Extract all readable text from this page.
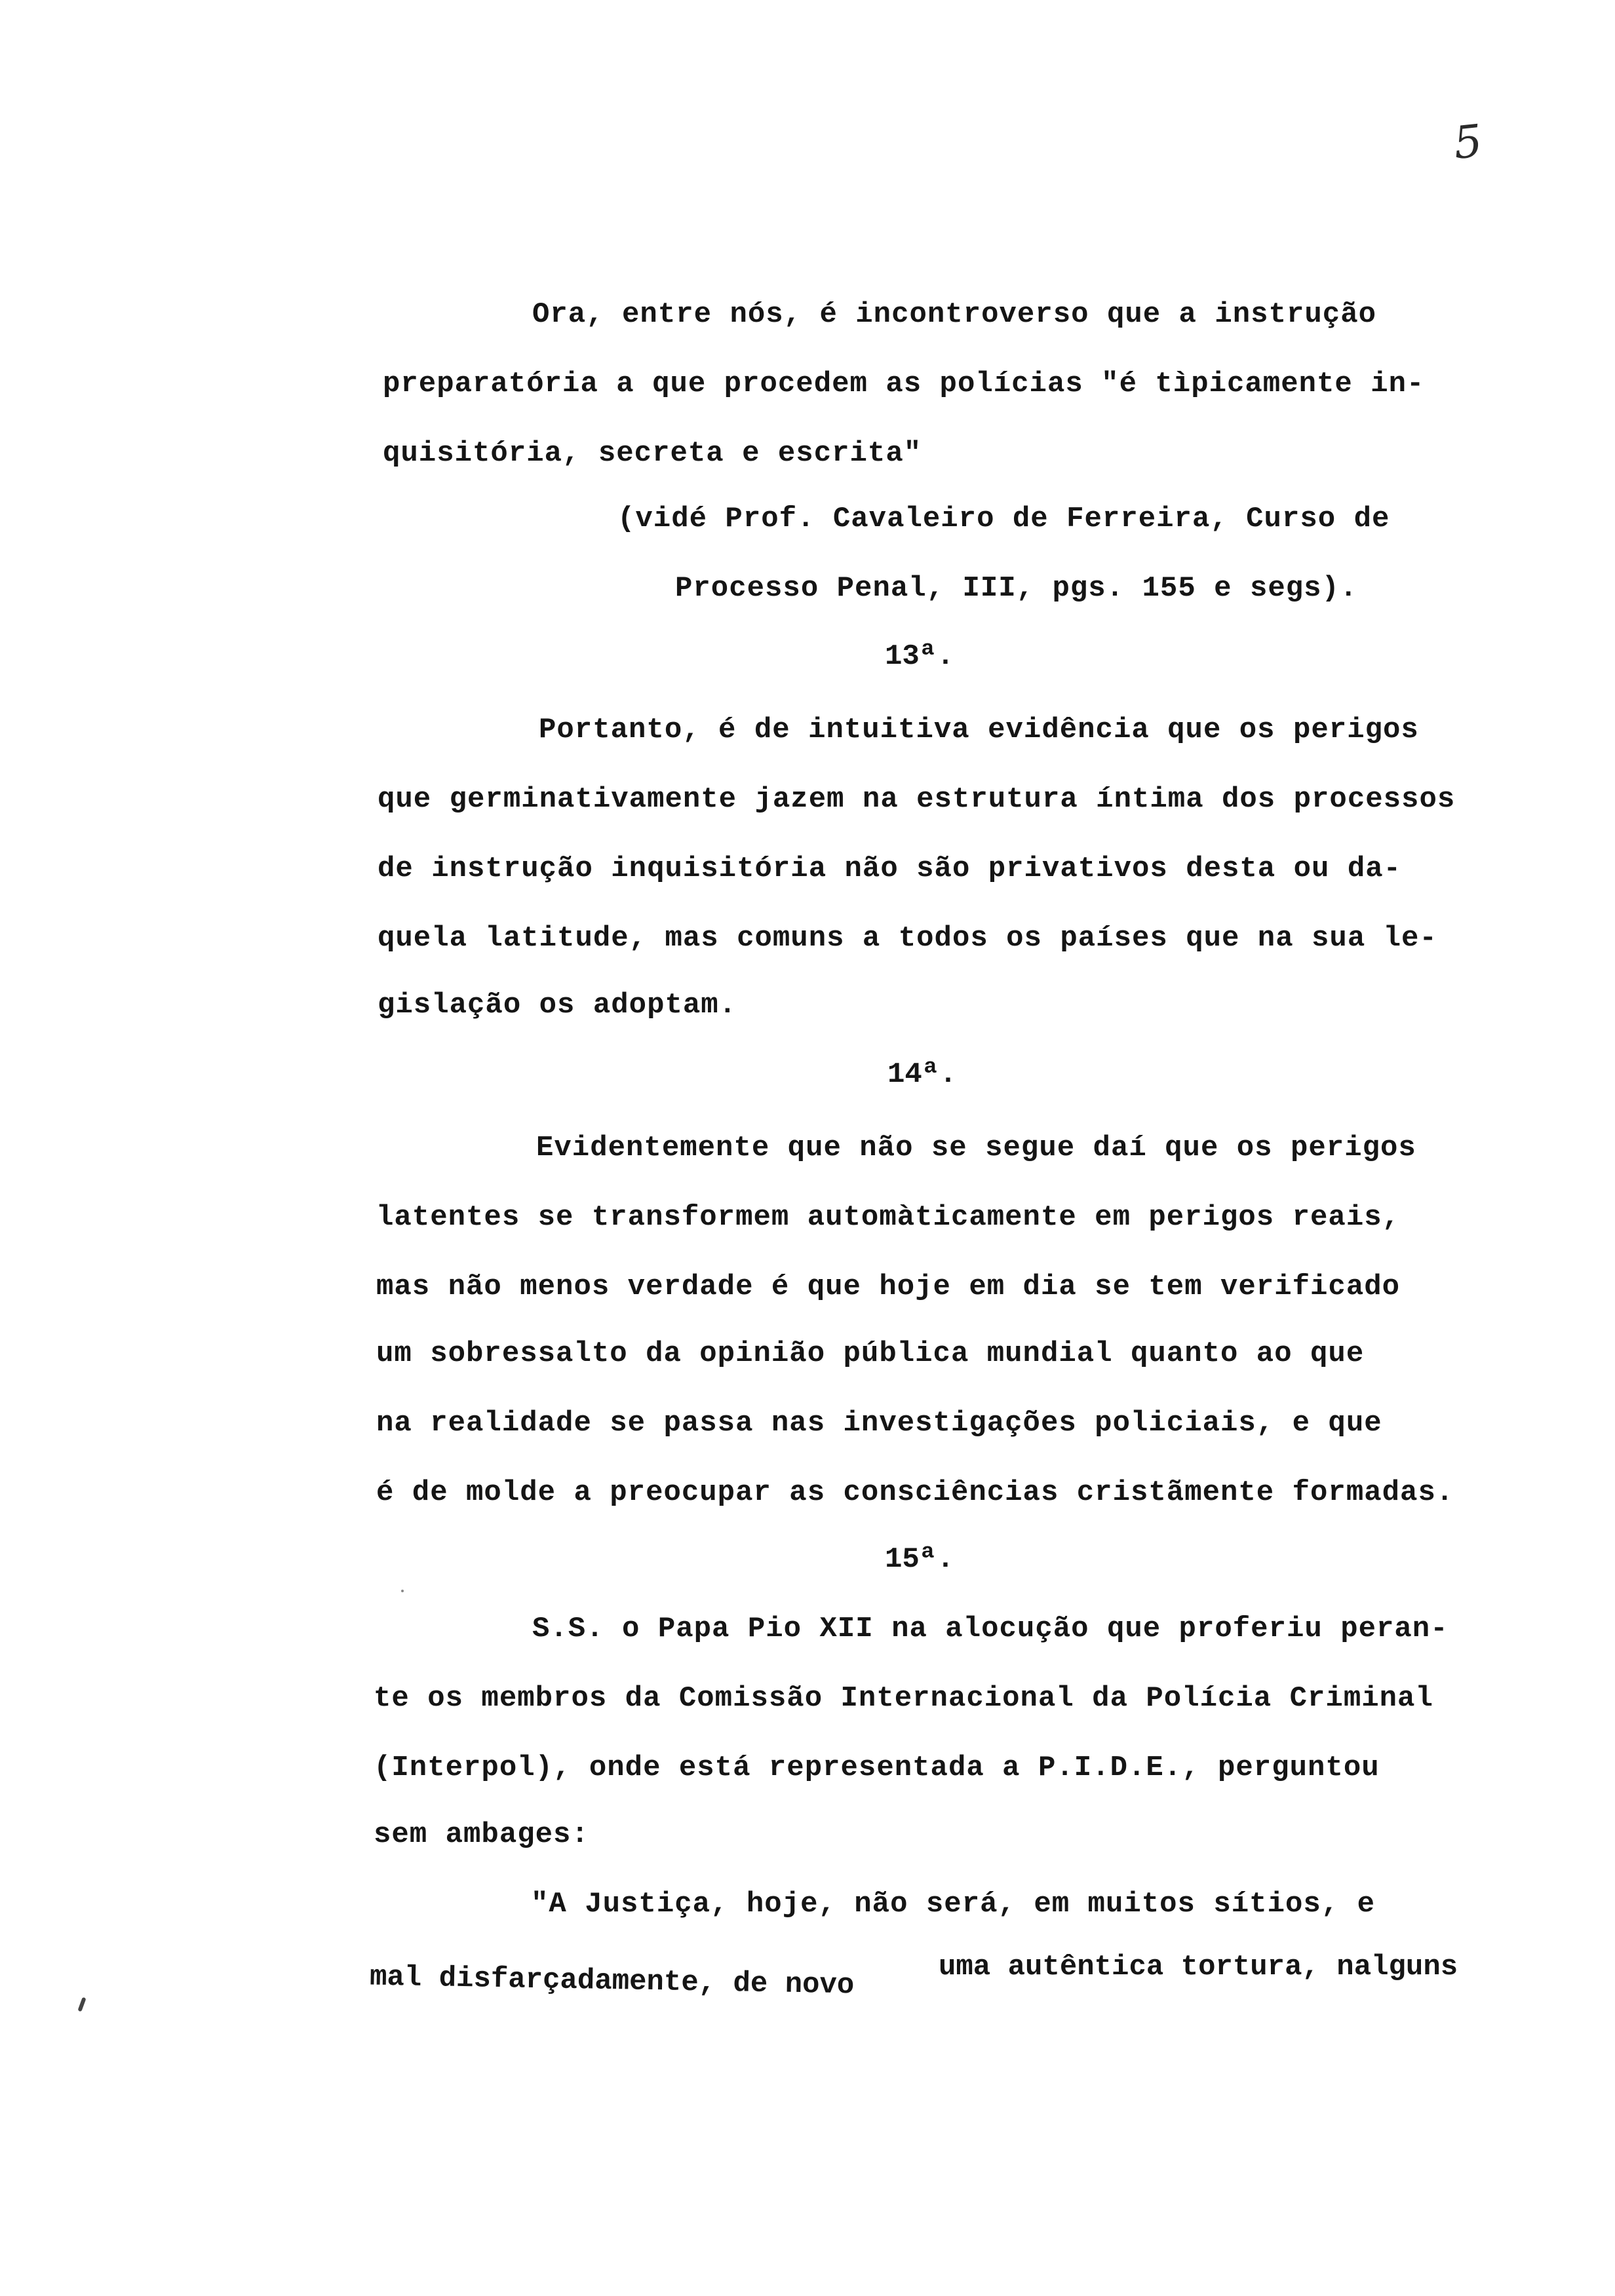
5
Ora, entre nós, é incontroverso que a instrução
preparatória a que procedem as polícias "é tìpicamente in-
quisitória, secreta e escrita"
(vidé Prof. Cavaleiro de Ferreira, Curso de
Processo Penal, III, pgs. 155 e segs).
13ª.
Portanto, é de intuitiva evidência que os perigos
que germinativamente jazem na estrutura íntima dos processos
de instrução inquisitória não são privativos desta ou da-
quela latitude, mas comuns a todos os países que na sua le-
gislação os adoptam.
14ª.
Evidentemente que não se segue daí que os perigos
latentes se transformem automàticamente em perigos reais,
mas não menos verdade é que hoje em dia se tem verificado
um sobressalto da opinião pública mundial quanto ao que
na realidade se passa nas investigações policiais, e que
é de molde a preocupar as consciências cristãmente formadas.
15ª.
S.S. o Papa Pio XII na alocução que proferiu peran-
te os membros da Comissão Internacional da Polícia Criminal
(Interpol), onde está representada a P.I.D.E., perguntou
sem ambages:
"A Justiça, hoje, não será, em muitos sítios, e
mal disfarçadamente, de novo	uma autêntica tortura, nalguns
